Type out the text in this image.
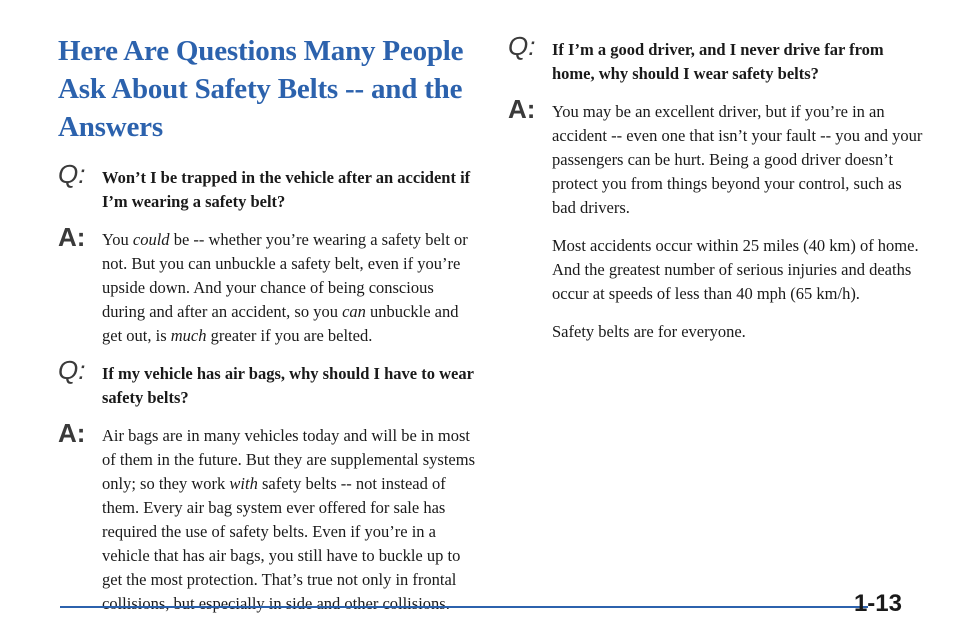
Here Are Questions Many People Ask About Safety Belts -- and the Answers
Q: Won’t I be trapped in the vehicle after an accident if I’m wearing a safety belt?
A: You could be -- whether you’re wearing a safety belt or not. But you can unbuckle a safety belt, even if you’re upside down. And your chance of being conscious during and after an accident, so you can unbuckle and get out, is much greater if you are belted.
Q: If my vehicle has air bags, why should I have to wear safety belts?
A: Air bags are in many vehicles today and will be in most of them in the future. But they are supplemental systems only; so they work with safety belts -- not instead of them. Every air bag system ever offered for sale has required the use of safety belts. Even if you’re in a vehicle that has air bags, you still have to buckle up to get the most protection. That’s true not only in frontal collisions, but especially in side and other collisions.
Q: If I’m a good driver, and I never drive far from home, why should I wear safety belts?
A: You may be an excellent driver, but if you’re in an accident -- even one that isn’t your fault -- you and your passengers can be hurt. Being a good driver doesn’t protect you from things beyond your control, such as bad drivers.
Most accidents occur within 25 miles (40 km) of home. And the greatest number of serious injuries and deaths occur at speeds of less than 40 mph (65 km/h).
Safety belts are for everyone.
1-13
